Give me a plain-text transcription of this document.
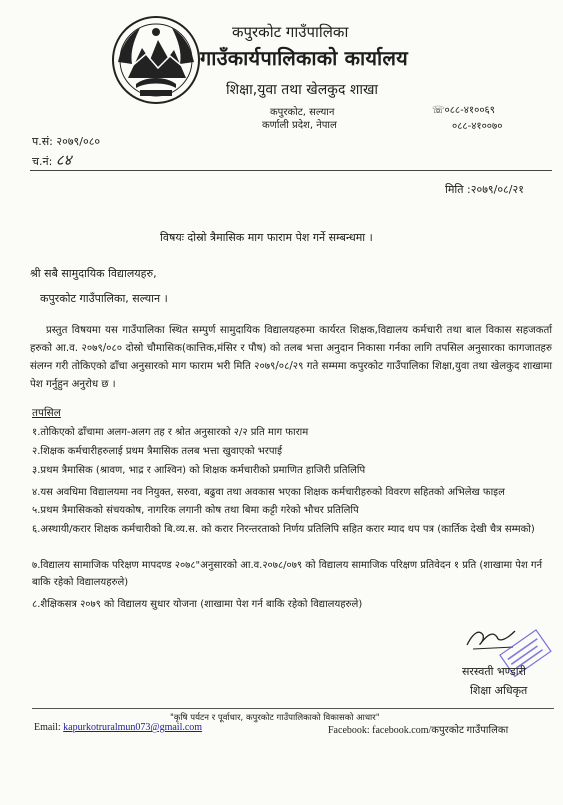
कपुरकोट गाउँपालिका
गाउँकार्यपालिकाको कार्यालय
शिक्षा,युवा तथा खेलकुद शाखा
कपुरकोट, सल्यान
कर्णाली प्रदेश, नेपाल
☏०८८-४१००६९
०८८-४१००७०
प.सं: २०७९/०८०
च.नं: ८४
मिति :२०७९/०८/२१
विषयः दोस्रो त्रैमासिक माग फाराम पेश गर्ने सम्बन्धमा ।
श्री सबै सामुदायिक विद्यालयहरु,
कपुरकोट गाउँपालिका, सल्यान ।
प्रस्तुत विषयमा यस गाउँपालिका स्थित सम्पुर्ण सामुदायिक विद्यालयहरुमा कार्यरत शिक्षक,विद्यालय कर्मचारी तथा बाल विकास सहजकर्ता हरुको आ.व. २०७९/०८० दोस्रो चौमासिक(कात्तिक,मंसिर र पौष) को तलब भत्ता अनुदान निकासा गर्नका लागि तपसिल अनुसारका कागजातहरु संलग्न गरी तोकिएको ढाँचा अनुसारको माग फाराम भरी मिति २०७९/०८/२९ गते सम्ममा कपुरकोट गाउँपालिका शिक्षा,युवा तथा खेलकुद शाखामा पेश गर्नुहुन अनुरोध छ ।
तपसिल
१.तोकिएको ढाँचामा अलग-अलग तह र श्रोत अनुसारको २/२ प्रति माग फाराम
२.शिक्षक कर्मचारीहरुलाई प्रथम त्रैमासिक तलब भत्ता खुवाएको भरपाई
३.प्रथम त्रैमासिक (श्रावण, भाद्र र आश्विन) को शिक्षक कर्मचारीको प्रमाणित हाजिरी प्रतिलिपि
४.यस अवधिमा विद्यालयमा नव नियुक्त, सरुवा, बढुवा तथा अवकास भएका शिक्षक कर्मचारीहरुको विवरण सहितको अभिलेख फाइल
५.प्रथम त्रैमासिकको संचयकोष, नागरिक लगानी कोष तथा बिमा कट्टी गरेको भौचर प्रतिलिपि
६.अस्थायी/करार शिक्षक कर्मचारीको बि.व्य.स. को करार निरन्तरताको निर्णय प्रतिलिपि सहित करार म्याद थप पत्र (कार्तिक देखी चैत्र सम्मको)
७.विद्यालय सामाजिक परिक्षण मापदण्ड २०७८"अनुसारको आ.व.२०७८/०७९ को विद्यालय सामाजिक परिक्षण प्रतिवेदन १ प्रति (शाखामा पेश गर्न बाकि रहेको विद्यालयहरुले)
८.शैक्षिकसत्र २०७९ को विद्यालय सुधार योजना (शाखामा पेश गर्न बाकि रहेको विद्यालयहरुले)
सरस्वती भण्डारी
शिक्षा अधिकृत
"कृषि पर्यटन र पूर्वाधार, कपुरकोट गाउँपालिकाको विकासको आधार"
Email: kapurkotruralmun073@gmail.com	Facebook: facebook.com/कपुरकोट गाउँपालिका
